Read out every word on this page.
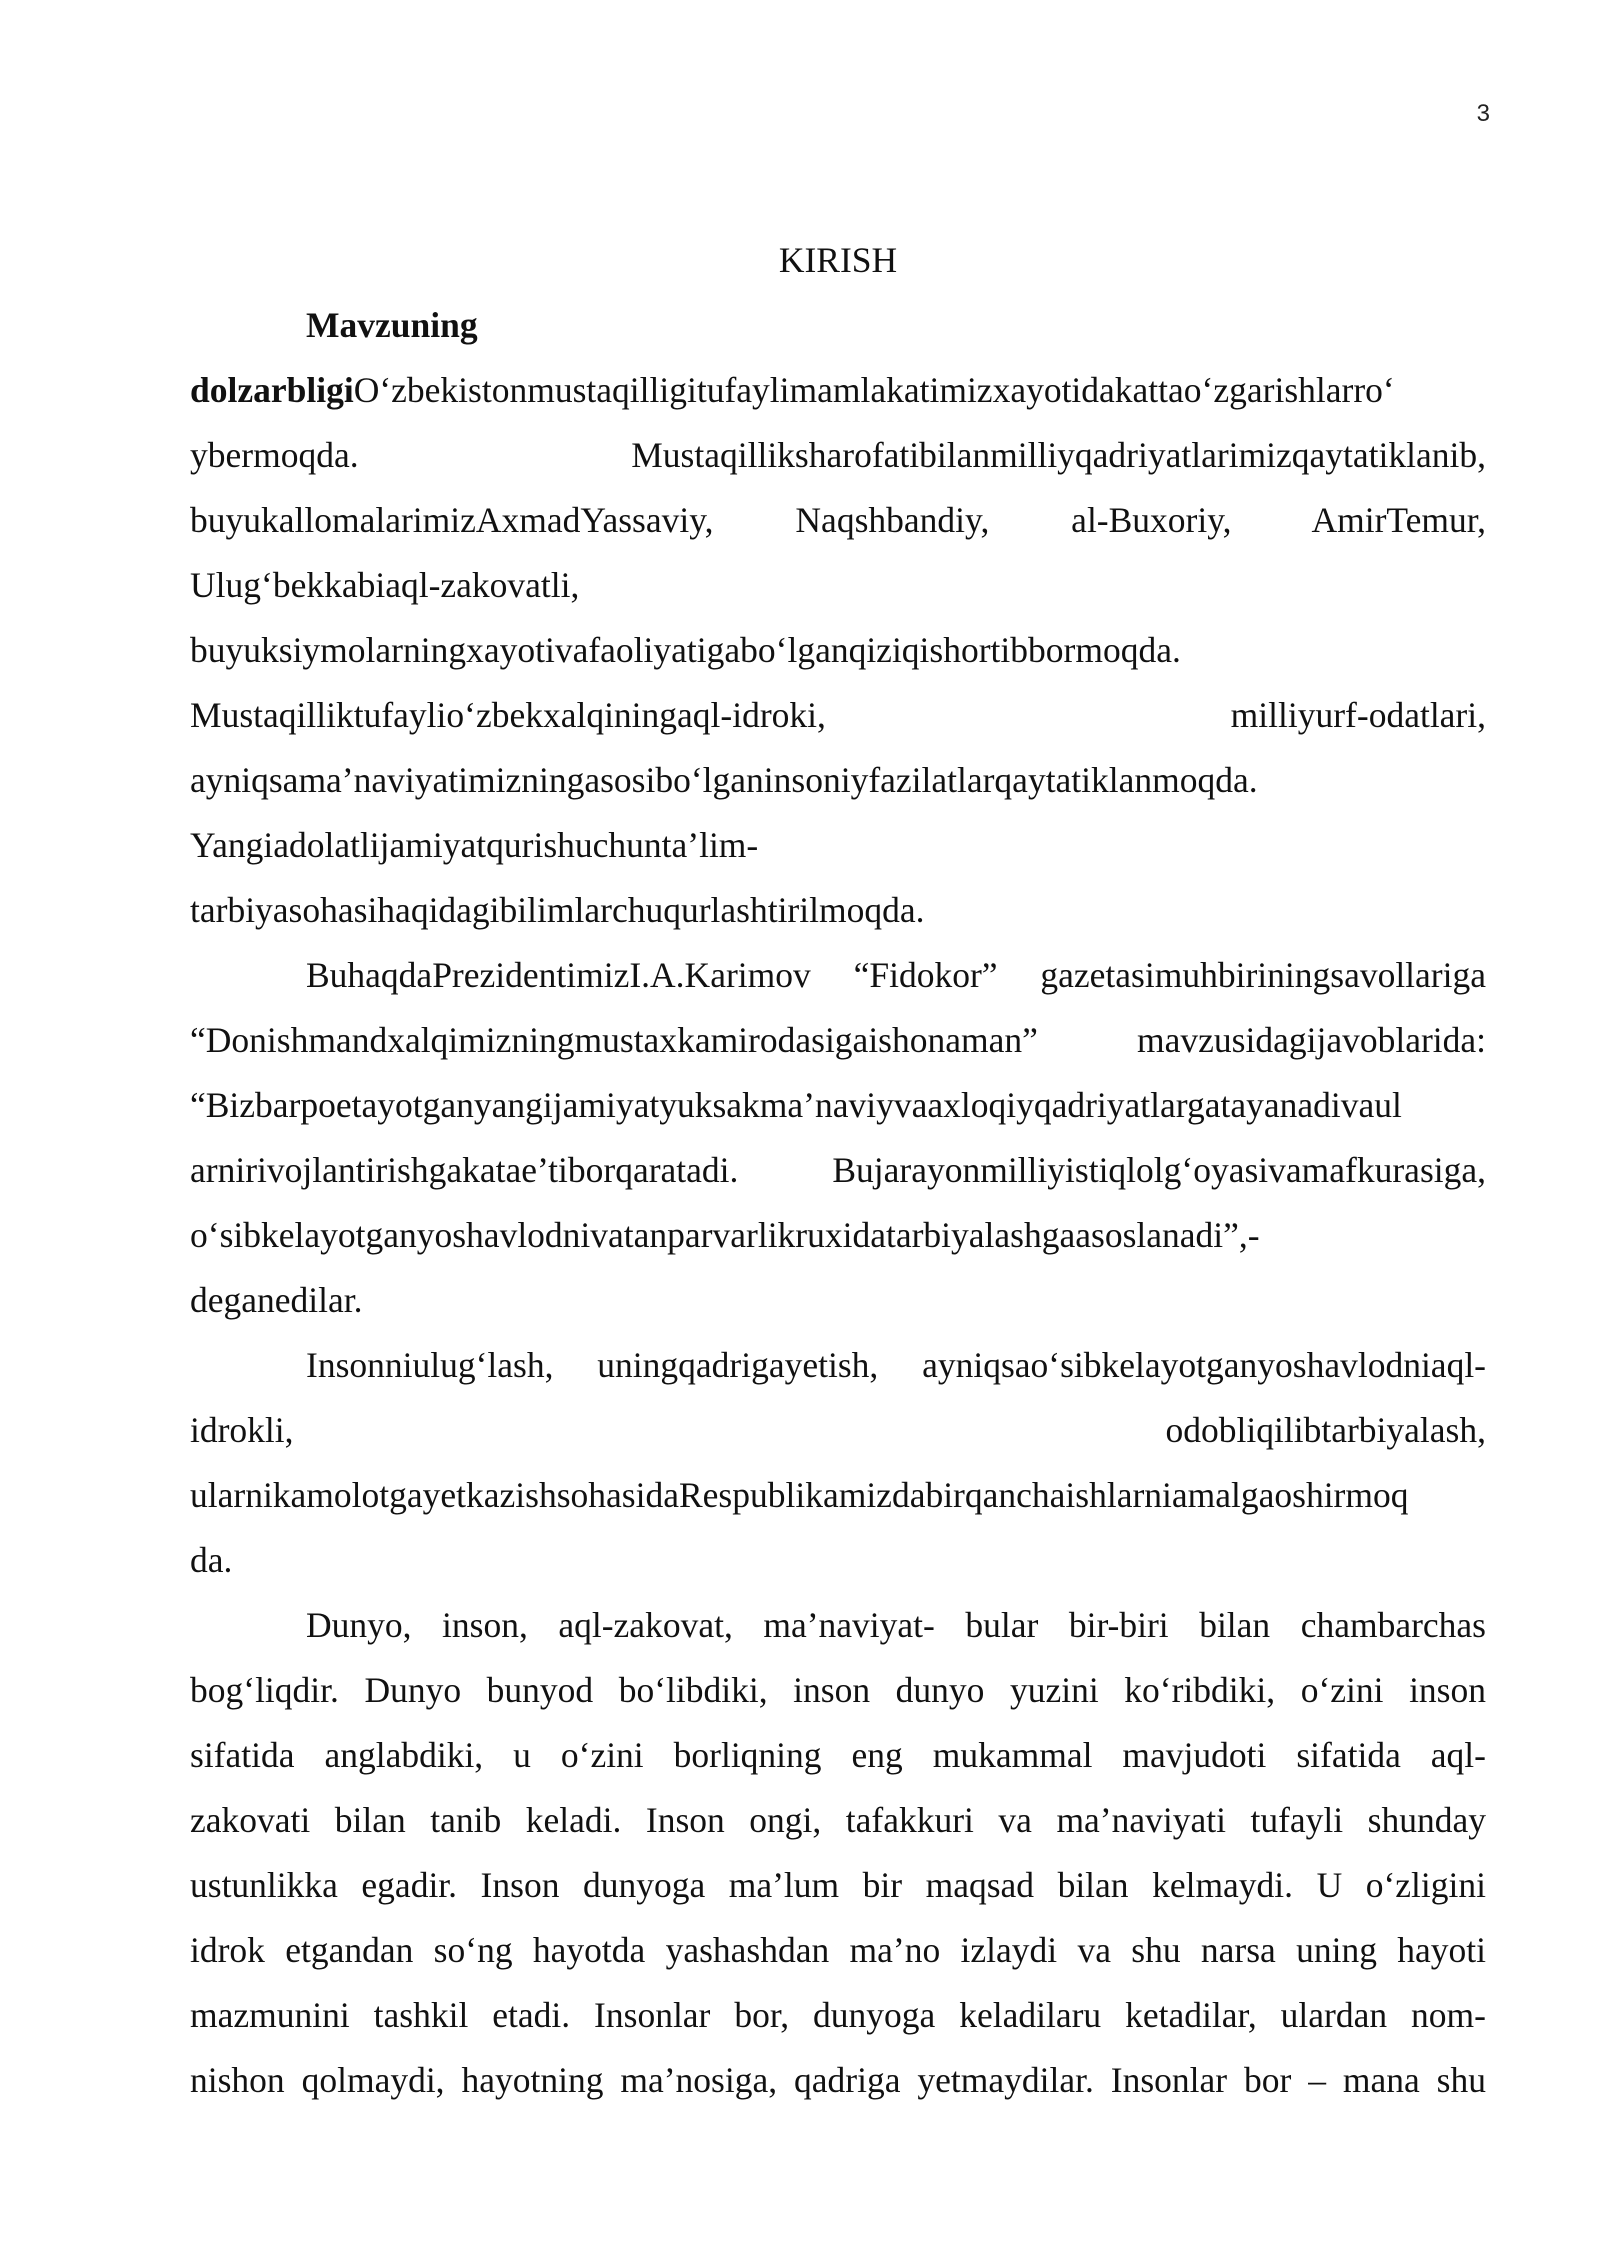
3
KIRISH
Mavzuning
dolzarbligiO‘zbekistonmustaqilligitufaylimamlakatimizxayotidakattao‘zgarishlarro‘
ybermoqda. Mustaqilliksharofatibilanmilliyqadriyatlarimizqaytatiklanib,
buyukallomalarimizAxmadYassaviy, Naqshbandiy, al-Buxoriy, AmirTemur,
Ulug‘bekkabiaql-zakovatli,
buyuksiymolarningxayotivafaoliyatigabo‘lganqiziqishortibbormoqda.
Mustaqilliktufaylio‘zbekxalqiningaql-idroki, milliyurf-odatlari,
ayniqsama’naviyatimizningasosibo‘lganinsoniyfazilatlarqaytatiklanmoqda.
Yangiadolatlijamiyatqurishuchunta’lim-
tarbiyasohasihaqidagibilimlarchuqurlashtirilmoqda.
BuhaqdaPrezidentimizI.A.Karimov “Fidokor” gazetasimuhbiriningsavollariga
“Donishmandxalqimizningmustaxkamirodasigaishonaman” mavzusidagijavoblarida:
“Bizbarpoetayotganyangijamiyatyuksakma’naviyvaaxloqiyqadriyatlargatayanadivaul
arnirivojlantirishgakatae’tiborqaratadi. Bujarayonmilliyistiqlolg‘oyasivamafkurasiga,
o‘sibkelayotganyoshavlodnivatanparvarlikruxidatarbiyalashgaasoslanadi”,-
deganedilar.
Insonniulug‘lash, uningqadrigayetish, ayniqsao‘sibkelayotganyoshavlodniaql-
idrokli, odobliqilibtarbiyalash,
ularnikamolotgayetkazishsohasidaRespublikamizdabirqanchaishlarniamalgaoshirmoq
da.
Dunyo, inson, aql-zakovat, ma’naviyat- bular bir-biri bilan chambarchas
bog‘liqdir. Dunyo bunyod bo‘libdiki, inson dunyo yuzini ko‘ribdiki, o‘zini inson
sifatida anglabdiki, u o‘zini borliqning eng mukammal mavjudoti sifatida aql-
zakovati bilan tanib keladi. Inson ongi, tafakkuri va ma’naviyati tufayli shunday
ustunlikka egadir. Inson dunyoga ma’lum bir maqsad bilan kelmaydi. U o‘zligini
idrok etgandan so‘ng hayotda yashashdan ma’no izlaydi va shu narsa uning hayoti
mazmunini tashkil etadi. Insonlar bor, dunyoga keladilaru ketadilar, ulardan nom-
nishon qolmaydi, hayotning ma’nosiga, qadriga yetmaydilar. Insonlar bor – mana shu
